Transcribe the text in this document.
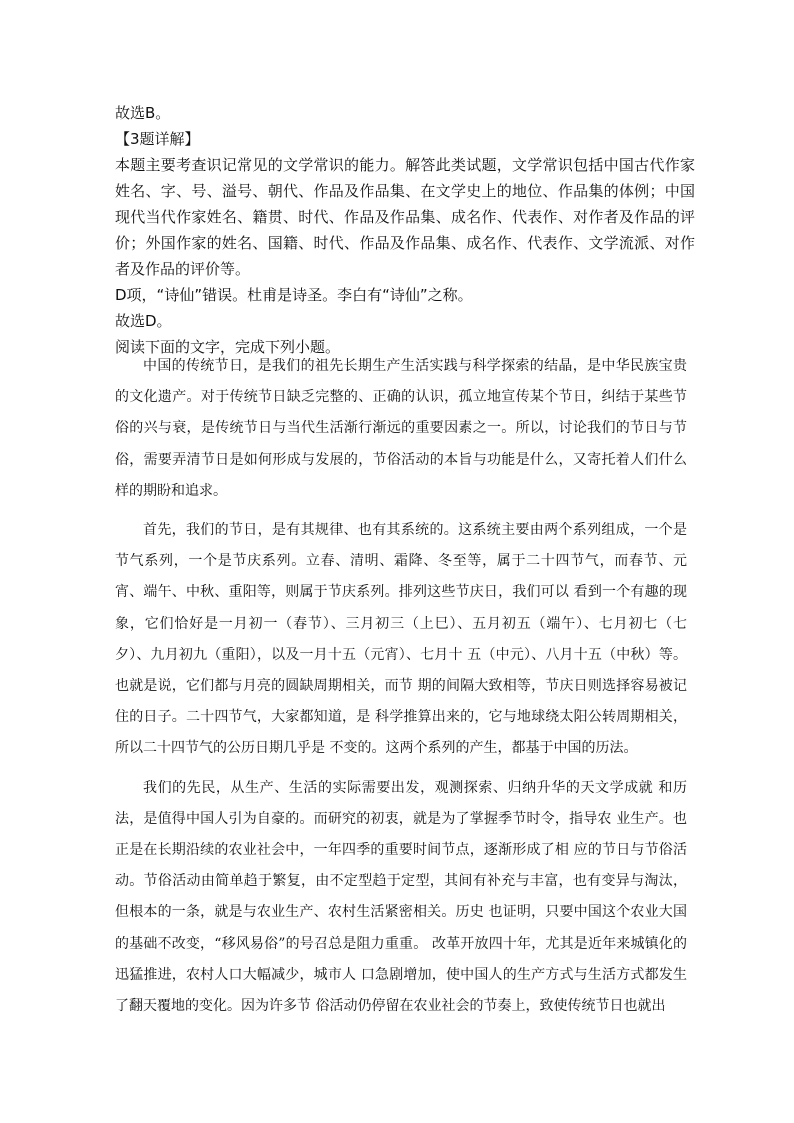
故选B。

【3题详解】

本题主要考查识记常见的文学常识的能力。解答此类试题，文学常识包括中国古代作家姓名、字、号、溢号、朝代、作品及作品集、在文学史上的地位、作品集的体例；中国现代当代作家姓名、籍贯、时代、作品及作品集、成名作、代表作、对作者及作品的评价；外国作家的姓名、国籍、时代、作品及作品集、成名作、代表作、文学流派、对作者及作品的评价等。

D项，“诗仙”错误。杜甫是诗圣。李白有“诗仙”之称。

故选D。

阅读下面的文字，完成下列小题。

中国的传统节日，是我们的祖先长期生产生活实践与科学探索的结晶，是中华民族宝贵的文化遗产。对于传统节日缺乏完整的、正确的认识，孤立地宣传某个节日，纠结于某些节俗的兴与衰，是传统节日与当代生活渐行渐远的重要因素之一。所以，讨论我们的节日与节俗，需要弄清节日是如何形成与发展的，节俗活动的本旨与功能是什么，又寄托着人们什么样的期盼和追求。

首先，我们的节日，是有其规律、也有其系统的。这系统主要由两个系列组成，一个是节气系列，一个是节庆系列。立春、清明、霜降、冬至等，属于二十四节气，而春节、元宵、端午、中秋、重阳等，则属于节庆系列。排列这些节庆日，我们可以 看到一个有趣的现象，它们恰好是一月初一（春节）、三月初三（上巳）、五月初五（端午）、七月初七（七夕）、九月初九（重阳），以及一月十五（元宵）、七月十 五（中元）、八月十五（中秋）等。也就是说，它们都与月亮的圆缺周期相关，而节 期的间隔大致相等，节庆日则选择容易被记住的日子。二十四节气，大家都知道，是 科学推算出来的，它与地球绕太阳公转周期相关，所以二十四节气的公历日期几乎是 不变的。这两个系列的产生，都基于中国的历法。

我们的先民，从生产、生活的实际需要出发，观测探索、归纳升华的天文学成就 和历法，是值得中国人引为自豪的。而研究的初衷，就是为了掌握季节时令，指导农 业生产。也正是在长期沿续的农业社会中，一年四季的重要时间节点，逐渐形成了相 应的节日与节俗活动。节俗活动由简单趋于繁复，由不定型趋于定型，其间有补充与丰富，也有变异与淘汰，但根本的一条，就是与农业生产、农村生活紧密相关。历史 也证明，只要中国这个农业大国的基础不改变，“移风易俗”的号召总是阻力重重。 改革开放四十年，尤其是近年来城镇化的迅猛推进，农村人口大幅减少，城市人 口急剧增加，使中国人的生产方式与生活方式都发生了翻天覆地的变化。因为许多节 俗活动仍停留在农业社会的节奏上，致使传统节日也就出
